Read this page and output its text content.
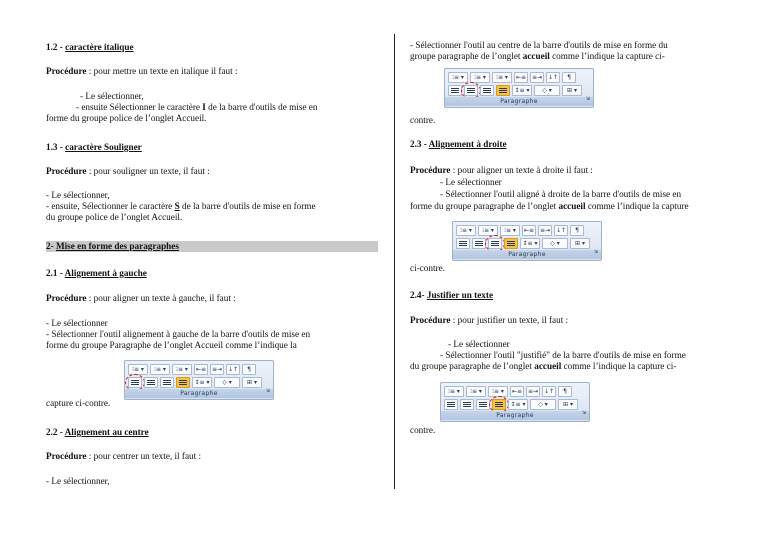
1.2 - caractère italique

Procédure : pour mettre un texte en italique il faut :

- Le sélectionner,

- ensuite Sélectionner le caractère I de la barre d'outils de mise en

forme du groupe police de l’onglet Accueil.

1.3 - caractère Souligner

Procédure : pour souligner un texte, il faut :

- Le sélectionner,

- ensuite, Sélectionner le caractère S de la barre d'outils de mise en forme

du groupe police de l’onglet Accueil.

2- Mise en forme des paragraphes

2.1 - Alignement à gauche

Procédure : pour aligner un texte à gauche, il faut :

- Le sélectionner

- Sélectionner l'outil alignement à gauche de la barre d'outils de mise en

forme du groupe Paragraphe de l’onglet Accueil comme l’indique la

capture ci-contre.

⁝≡ ▾	⁝≡ ▾	⁝≡ ▾	⇤≡ ≡⇥ ↓↑	¶
↕≡ ▾	◇ ▾	⊞ ▾
Paragraphe	⇲

2.2 - Alignement au centre

Procédure : pour centrer un texte, il faut :

- Le sélectionner,

- Sélectionner l'outil au centre de la barre d'outils de mise en forme du

groupe paragraphe de l’onglet accueil comme l’indique la capture ci-

contre.

⁝≡ ▾	⁝≡ ▾	⁝≡ ▾	⇤≡ ≡⇥ ↓↑	¶
↕≡ ▾	◇ ▾	⊞ ▾
Paragraphe	⇲

2.3 - Alignement à droite

Procédure : pour aligner un texte à droite il faut :

- Le sélectionner

- Sélectionner l'outil aligné à droite de la barre d'outils de mise en

forme du groupe paragraphe de l’onglet accueil comme l’indique la capture

ci-contre.

⁝≡ ▾	⁝≡ ▾	⁝≡ ▾	⇤≡ ≡⇥ ↓↑	¶
↕≡ ▾	◇ ▾	⊞ ▾
Paragraphe	⇲

2.4- Justifier un texte

Procédure : pour justifier un texte, il faut :

- Le sélectionner

- Sélectionner l'outil "justifié" de la barre d'outils de mise en forme

du groupe paragraphe de l’onglet accueil comme l’indique la capture ci-

contre.

⁝≡ ▾	⁝≡ ▾	⁝≡ ▾	⇤≡ ≡⇥ ↓↑	¶
↕≡ ▾	◇ ▾	⊞ ▾
Paragraphe	⇲
